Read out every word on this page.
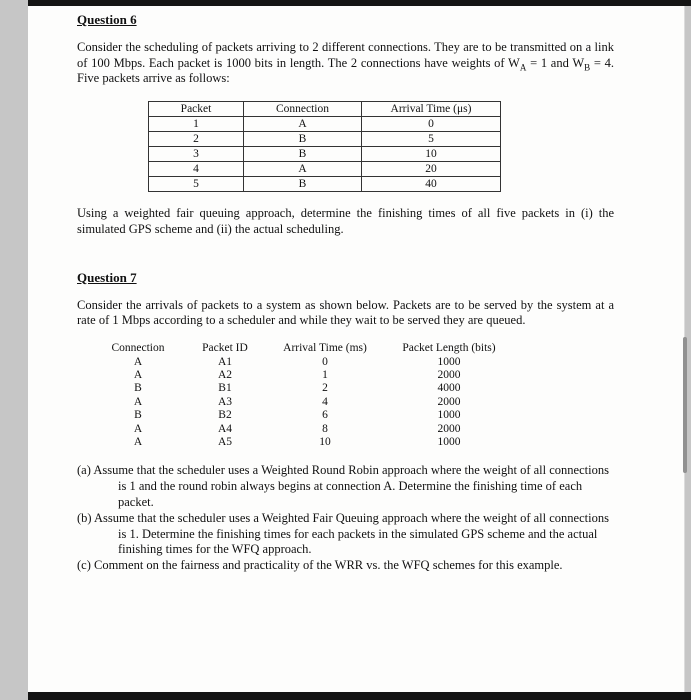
Question 6

Consider the scheduling of packets arriving to 2 different connections. They are to be transmitted on a link of 100 Mbps. Each packet is 1000 bits in length. The 2 connections have weights of $W_A = 1$ and $W_B = 4$. Five packets arrive as follows:

Packet	Connection	Arrival Time (μs)
1	A	0
2	B	5
3	B	10
4	A	20
5	B	40

Using a weighted fair queuing approach, determine the finishing times of all five packets in (i) the simulated GPS scheme and (ii) the actual scheduling.

Question 7

Consider the arrivals of packets to a system as shown below. Packets are to be served by the system at a rate of 1 Mbps according to a scheduler and while they wait to be served they are queued.

Connection	Packet ID	Arrival Time (ms)	Packet Length (bits)
A	A1	0	1000
A	A2	1	2000
B	B1	2	4000
A	A3	4	2000
B	B2	6	1000
A	A4	8	2000
A	A5	10	1000

(a) Assume that the scheduler uses a Weighted Round Robin approach where the weight of all connections is 1 and the round robin always begins at connection A. Determine the finishing time of each packet.

(b) Assume that the scheduler uses a Weighted Fair Queuing approach where the weight of all connections is 1. Determine the finishing times for each packets in the simulated GPS scheme and the actual finishing times for the WFQ approach.

(c) Comment on the fairness and practicality of the WRR vs. the WFQ schemes for this example.
